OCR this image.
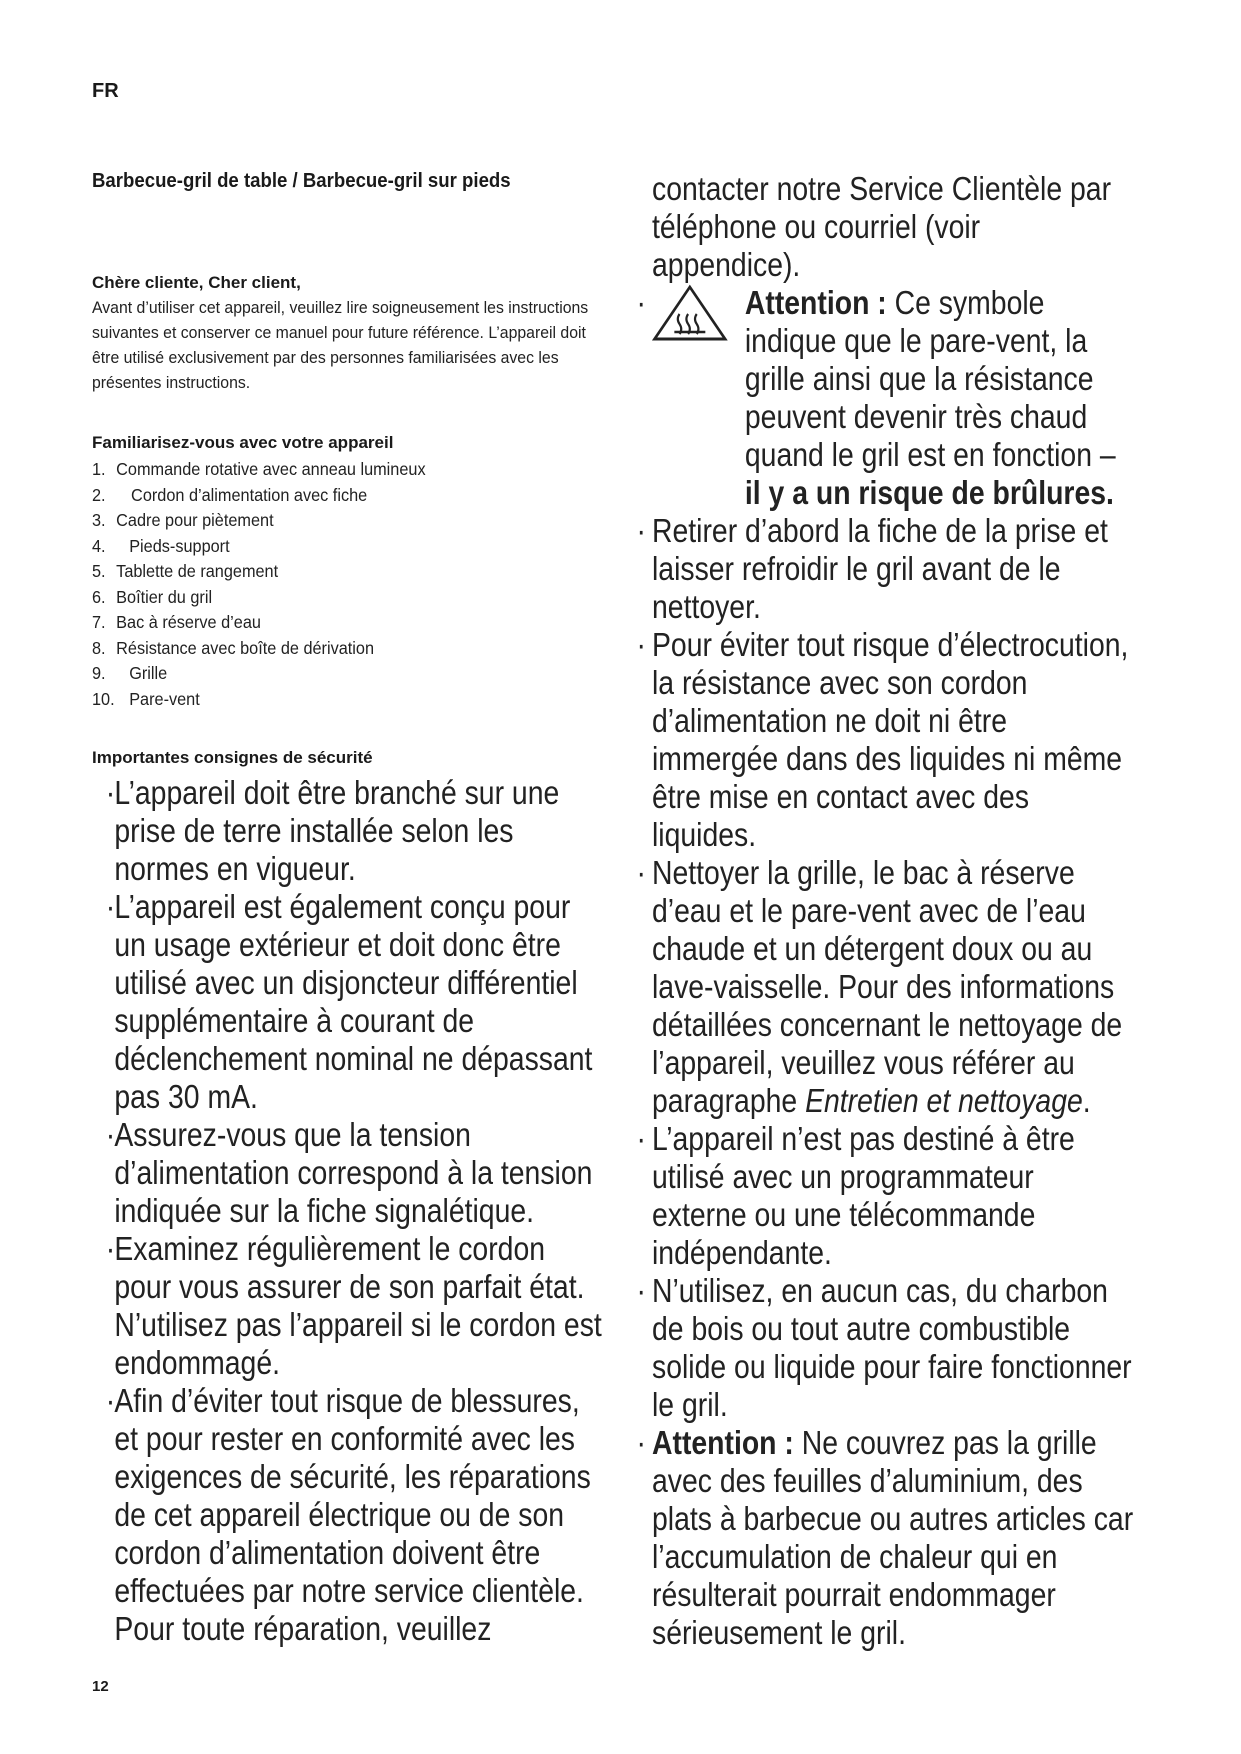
FR
Barbecue-gril de table / Barbecue-gril sur pieds
Chère cliente, Cher client,
Avant d’utiliser cet appareil, veuillez lire soigneusement les instructions suivantes et conserver ce manuel pour future référence. L’appareil doit être utilisé exclusivement par des personnes familiarisées avec les présentes instructions.
Familiarisez-vous avec votre appareil
1. Commande rotative avec anneau lumineux
2.	Cordon d’alimentation avec fiche
3. Cadre pour piètement
4.	Pieds-support
5. Tablette de rangement
6. Boîtier du gril
7. Bac à réserve d’eau
8. Résistance avec boîte de dérivation
9.	Grille
10. Pare-vent
Importantes consignes de sécurité
· L’appareil doit être branché sur une prise de terre installée selon les normes en vigueur.
· L’appareil est également conçu pour un usage extérieur et doit donc être utilisé avec un disjoncteur différentiel supplémentaire à courant de déclenchement nominal ne dépassant pas 30 mA.
· Assurez-vous que la tension d’alimentation correspond à la tension indiquée sur la fiche signalétique.
· Examinez régulièrement le cordon pour vous assurer de son parfait état. N’utilisez pas l’appareil si le cordon est endommagé.
· Afin d’éviter tout risque de blessures, et pour rester en conformité avec les exigences de sécurité, les réparations de cet appareil électrique ou de son cordon d’alimentation doivent être effectuées par notre service clientèle. Pour toute réparation, veuillez
contacter notre Service Clientèle par téléphone ou courriel (voir appendice).
·	Attention : Ce symbole indique que le pare-vent, la grille ainsi que la résistance peuvent devenir très chaud quand le gril est en fonction – il y a un risque de brûlures.
· Retirer d’abord la fiche de la prise et laisser refroidir le gril avant de le nettoyer.
· Pour éviter tout risque d’électrocution, la résistance avec son cordon d’alimentation ne doit ni être immergée dans des liquides ni même être mise en contact avec des liquides.
· Nettoyer la grille, le bac à réserve d’eau et le pare-vent avec de l’eau chaude et un détergent doux ou au lave-vaisselle. Pour des informations détaillées concernant le nettoyage de l’appareil, veuillez vous référer au paragraphe Entretien et nettoyage.
· L’appareil n’est pas destiné à être utilisé avec un programmateur externe ou une télécommande indépendante.
· N’utilisez, en aucun cas, du charbon de bois ou tout autre combustible solide ou liquide pour faire fonctionner le gril.
· Attention : Ne couvrez pas la grille avec des feuilles d’aluminium, des plats à barbecue ou autres articles car l’accumulation de chaleur qui en résulterait pourrait endommager sérieusement le gril.
12
